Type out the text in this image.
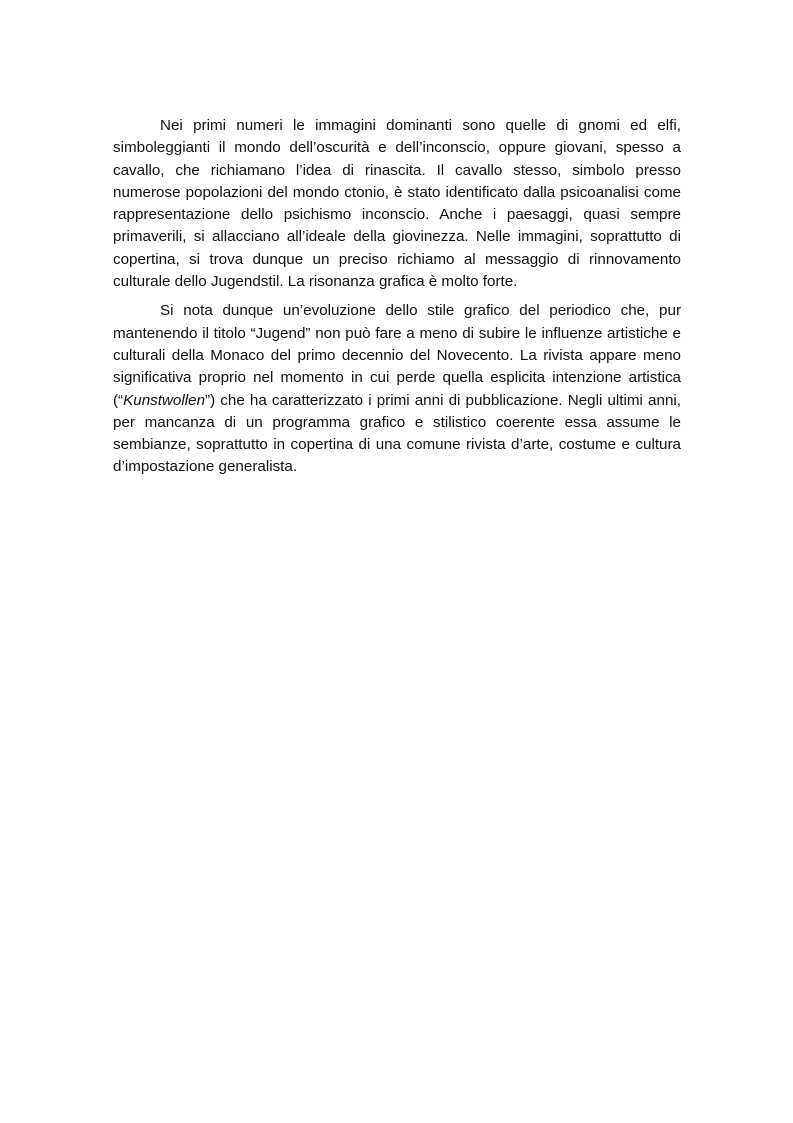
Nei primi numeri le immagini dominanti sono quelle di gnomi ed elfi, simboleggianti il mondo dell’oscurità e dell’inconscio, oppure giovani, spesso a cavallo, che richiamano l’idea di rinascita. Il cavallo stesso, simbolo presso numerose popolazioni del mondo ctonio, è stato identificato dalla psicoanalisi come rappresentazione dello psichismo inconscio. Anche i paesaggi, quasi sempre primaverili, si allacciano all’ideale della giovinezza. Nelle immagini, soprattutto di copertina, si trova dunque un preciso richiamo al messaggio di rinnovamento culturale dello Jugendstil. La risonanza grafica è molto forte.

Si nota dunque un’evoluzione dello stile grafico del periodico che, pur mantenendo il titolo “Jugend” non può fare a meno di subire le influenze artistiche e culturali della Monaco del primo decennio del Novecento. La rivista appare meno significativa proprio nel momento in cui perde quella esplicita intenzione artistica (“Kunstwollen”) che ha caratterizzato i primi anni di pubblicazione. Negli ultimi anni, per mancanza di un programma grafico e stilistico coerente essa assume le sembianze, soprattutto in copertina di una comune rivista d’arte, costume e cultura d’impostazione generalista.
